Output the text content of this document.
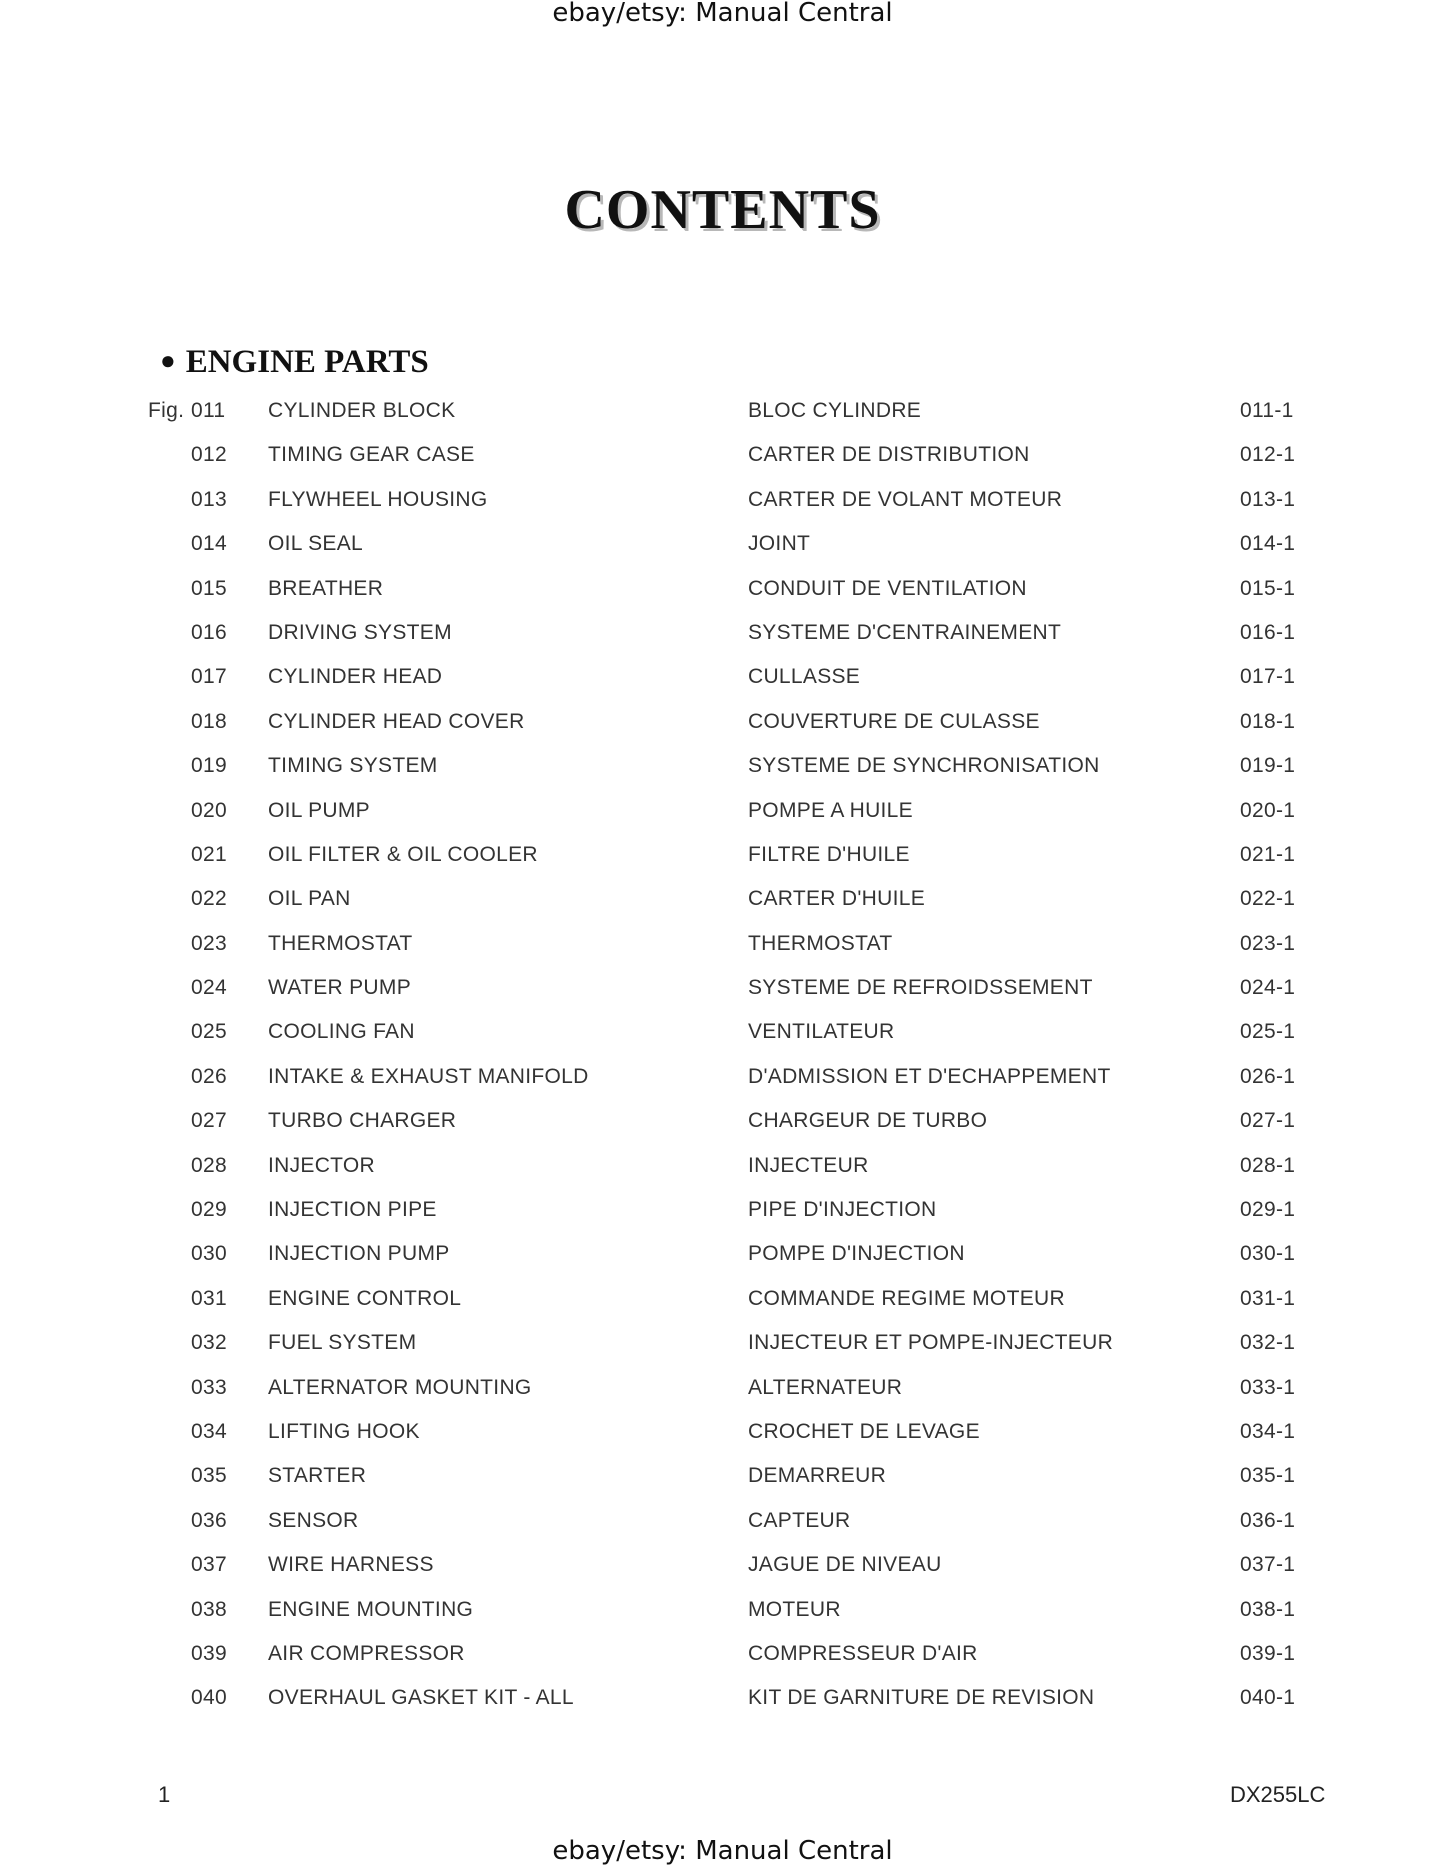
ebay/etsy: Manual Central
CONTENTS
● ENGINE PARTS
Fig. 011 CYLINDER BLOCK	BLOC CYLINDRE	011-1
012 TIMING GEAR CASE	CARTER DE DISTRIBUTION	012-1
013 FLYWHEEL HOUSING	CARTER DE VOLANT MOTEUR	013-1
014 OIL SEAL	JOINT	014-1
015 BREATHER	CONDUIT DE VENTILATION	015-1
016 DRIVING SYSTEM	SYSTEME D'CENTRAINEMENT	016-1
017 CYLINDER HEAD	CULLASSE	017-1
018 CYLINDER HEAD COVER	COUVERTURE DE CULASSE	018-1
019 TIMING SYSTEM	SYSTEME DE SYNCHRONISATION	019-1
020 OIL PUMP	POMPE A HUILE	020-1
021 OIL FILTER & OIL COOLER	FILTRE D'HUILE	021-1
022 OIL PAN	CARTER D'HUILE	022-1
023 THERMOSTAT	THERMOSTAT	023-1
024 WATER PUMP	SYSTEME DE REFROIDSSEMENT	024-1
025 COOLING FAN	VENTILATEUR	025-1
026 INTAKE & EXHAUST MANIFOLD	D'ADMISSION ET D'ECHAPPEMENT	026-1
027 TURBO CHARGER	CHARGEUR DE TURBO	027-1
028 INJECTOR	INJECTEUR	028-1
029 INJECTION PIPE	PIPE D'INJECTION	029-1
030 INJECTION PUMP	POMPE D'INJECTION	030-1
031 ENGINE CONTROL	COMMANDE REGIME MOTEUR	031-1
032 FUEL SYSTEM	INJECTEUR ET POMPE-INJECTEUR	032-1
033 ALTERNATOR MOUNTING	ALTERNATEUR	033-1
034 LIFTING HOOK	CROCHET DE LEVAGE	034-1
035 STARTER	DEMARREUR	035-1
036 SENSOR	CAPTEUR	036-1
037 WIRE HARNESS	JAGUE DE NIVEAU	037-1
038 ENGINE MOUNTING	MOTEUR	038-1
039 AIR COMPRESSOR	COMPRESSEUR D'AIR	039-1
040 OVERHAUL GASKET KIT - ALL	KIT DE GARNITURE DE REVISION	040-1
1	DX255LC
ebay/etsy: Manual Central
